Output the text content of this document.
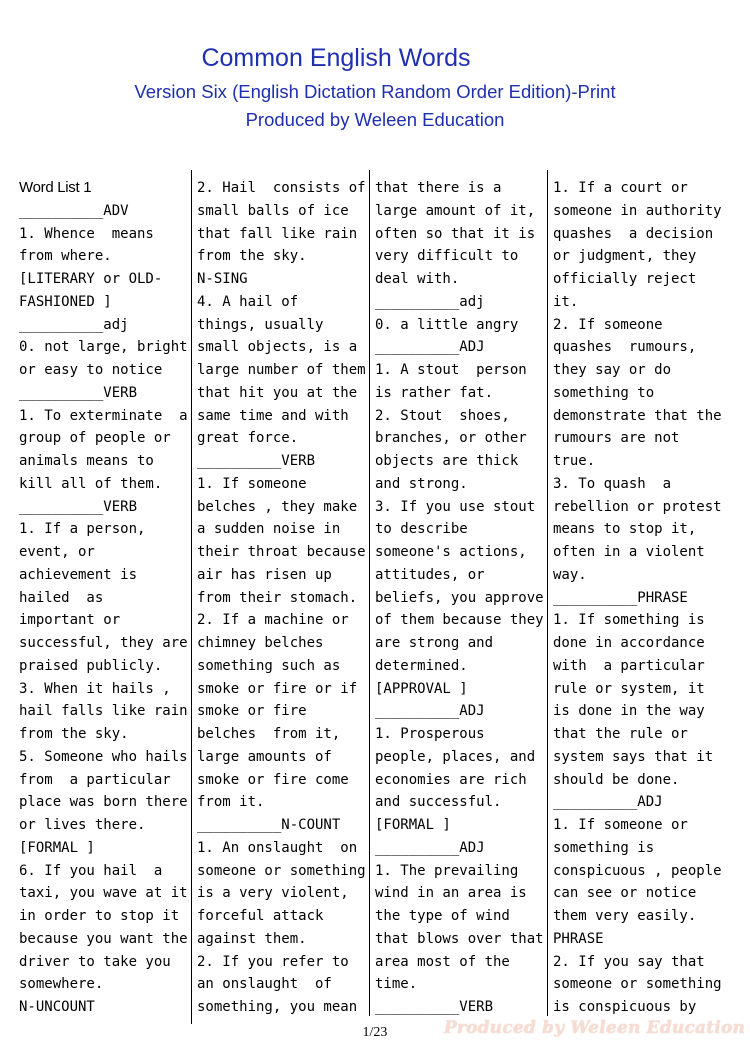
Common English Words
Version Six (English Dictation Random Order Edition)-Print
Produced by Weleen Education
Word List 1
__________ADV
1. Whence  means
from where.
[LITERARY or OLD-
FASHIONED ]
__________adj
0. not large, bright
or easy to notice
__________VERB
1. To exterminate  a
group of people or
animals means to
kill all of them.
__________VERB
1. If a person,
event, or
achievement is
hailed  as
important or
successful, they are
praised publicly.
3. When it hails ,
hail falls like rain
from the sky.
5. Someone who hails
from  a particular
place was born there
or lives there.
[FORMAL ]
6. If you hail  a
taxi, you wave at it
in order to stop it
because you want the
driver to take you
somewhere.
N-UNCOUNT
2. Hail  consists of
small balls of ice
that fall like rain
from the sky.
N-SING
4. A hail of
things, usually
small objects, is a
large number of them
that hit you at the
same time and with
great force.
__________VERB
1. If someone
belches , they make
a sudden noise in
their throat because
air has risen up
from their stomach.
2. If a machine or
chimney belches
something such as
smoke or fire or if
smoke or fire
belches  from it,
large amounts of
smoke or fire come
from it.
__________N-COUNT
1. An onslaught  on
someone or something
is a very violent,
forceful attack
against them.
2. If you refer to
an onslaught  of
something, you mean
that there is a
large amount of it,
often so that it is
very difficult to
deal with.
__________adj
0. a little angry
__________ADJ
1. A stout  person
is rather fat.
2. Stout  shoes,
branches, or other
objects are thick
and strong.
3. If you use stout
to describe
someone's actions,
attitudes, or
beliefs, you approve
of them because they
are strong and
determined.
[APPROVAL ]
__________ADJ
1. Prosperous
people, places, and
economies are rich
and successful.
[FORMAL ]
__________ADJ
1. The prevailing
wind in an area is
the type of wind
that blows over that
area most of the
time.
__________VERB
1. If a court or
someone in authority
quashes  a decision
or judgment, they
officially reject
it.
2. If someone
quashes  rumours,
they say or do
something to
demonstrate that the
rumours are not
true.
3. To quash  a
rebellion or protest
means to stop it,
often in a violent
way.
__________PHRASE
1. If something is
done in accordance
with  a particular
rule or system, it
is done in the way
that the rule or
system says that it
should be done.
__________ADJ
1. If someone or
something is
conspicuous , people
can see or notice
them very easily.
PHRASE
2. If you say that
someone or something
is conspicuous by
1/23	Produced by Weleen Education
